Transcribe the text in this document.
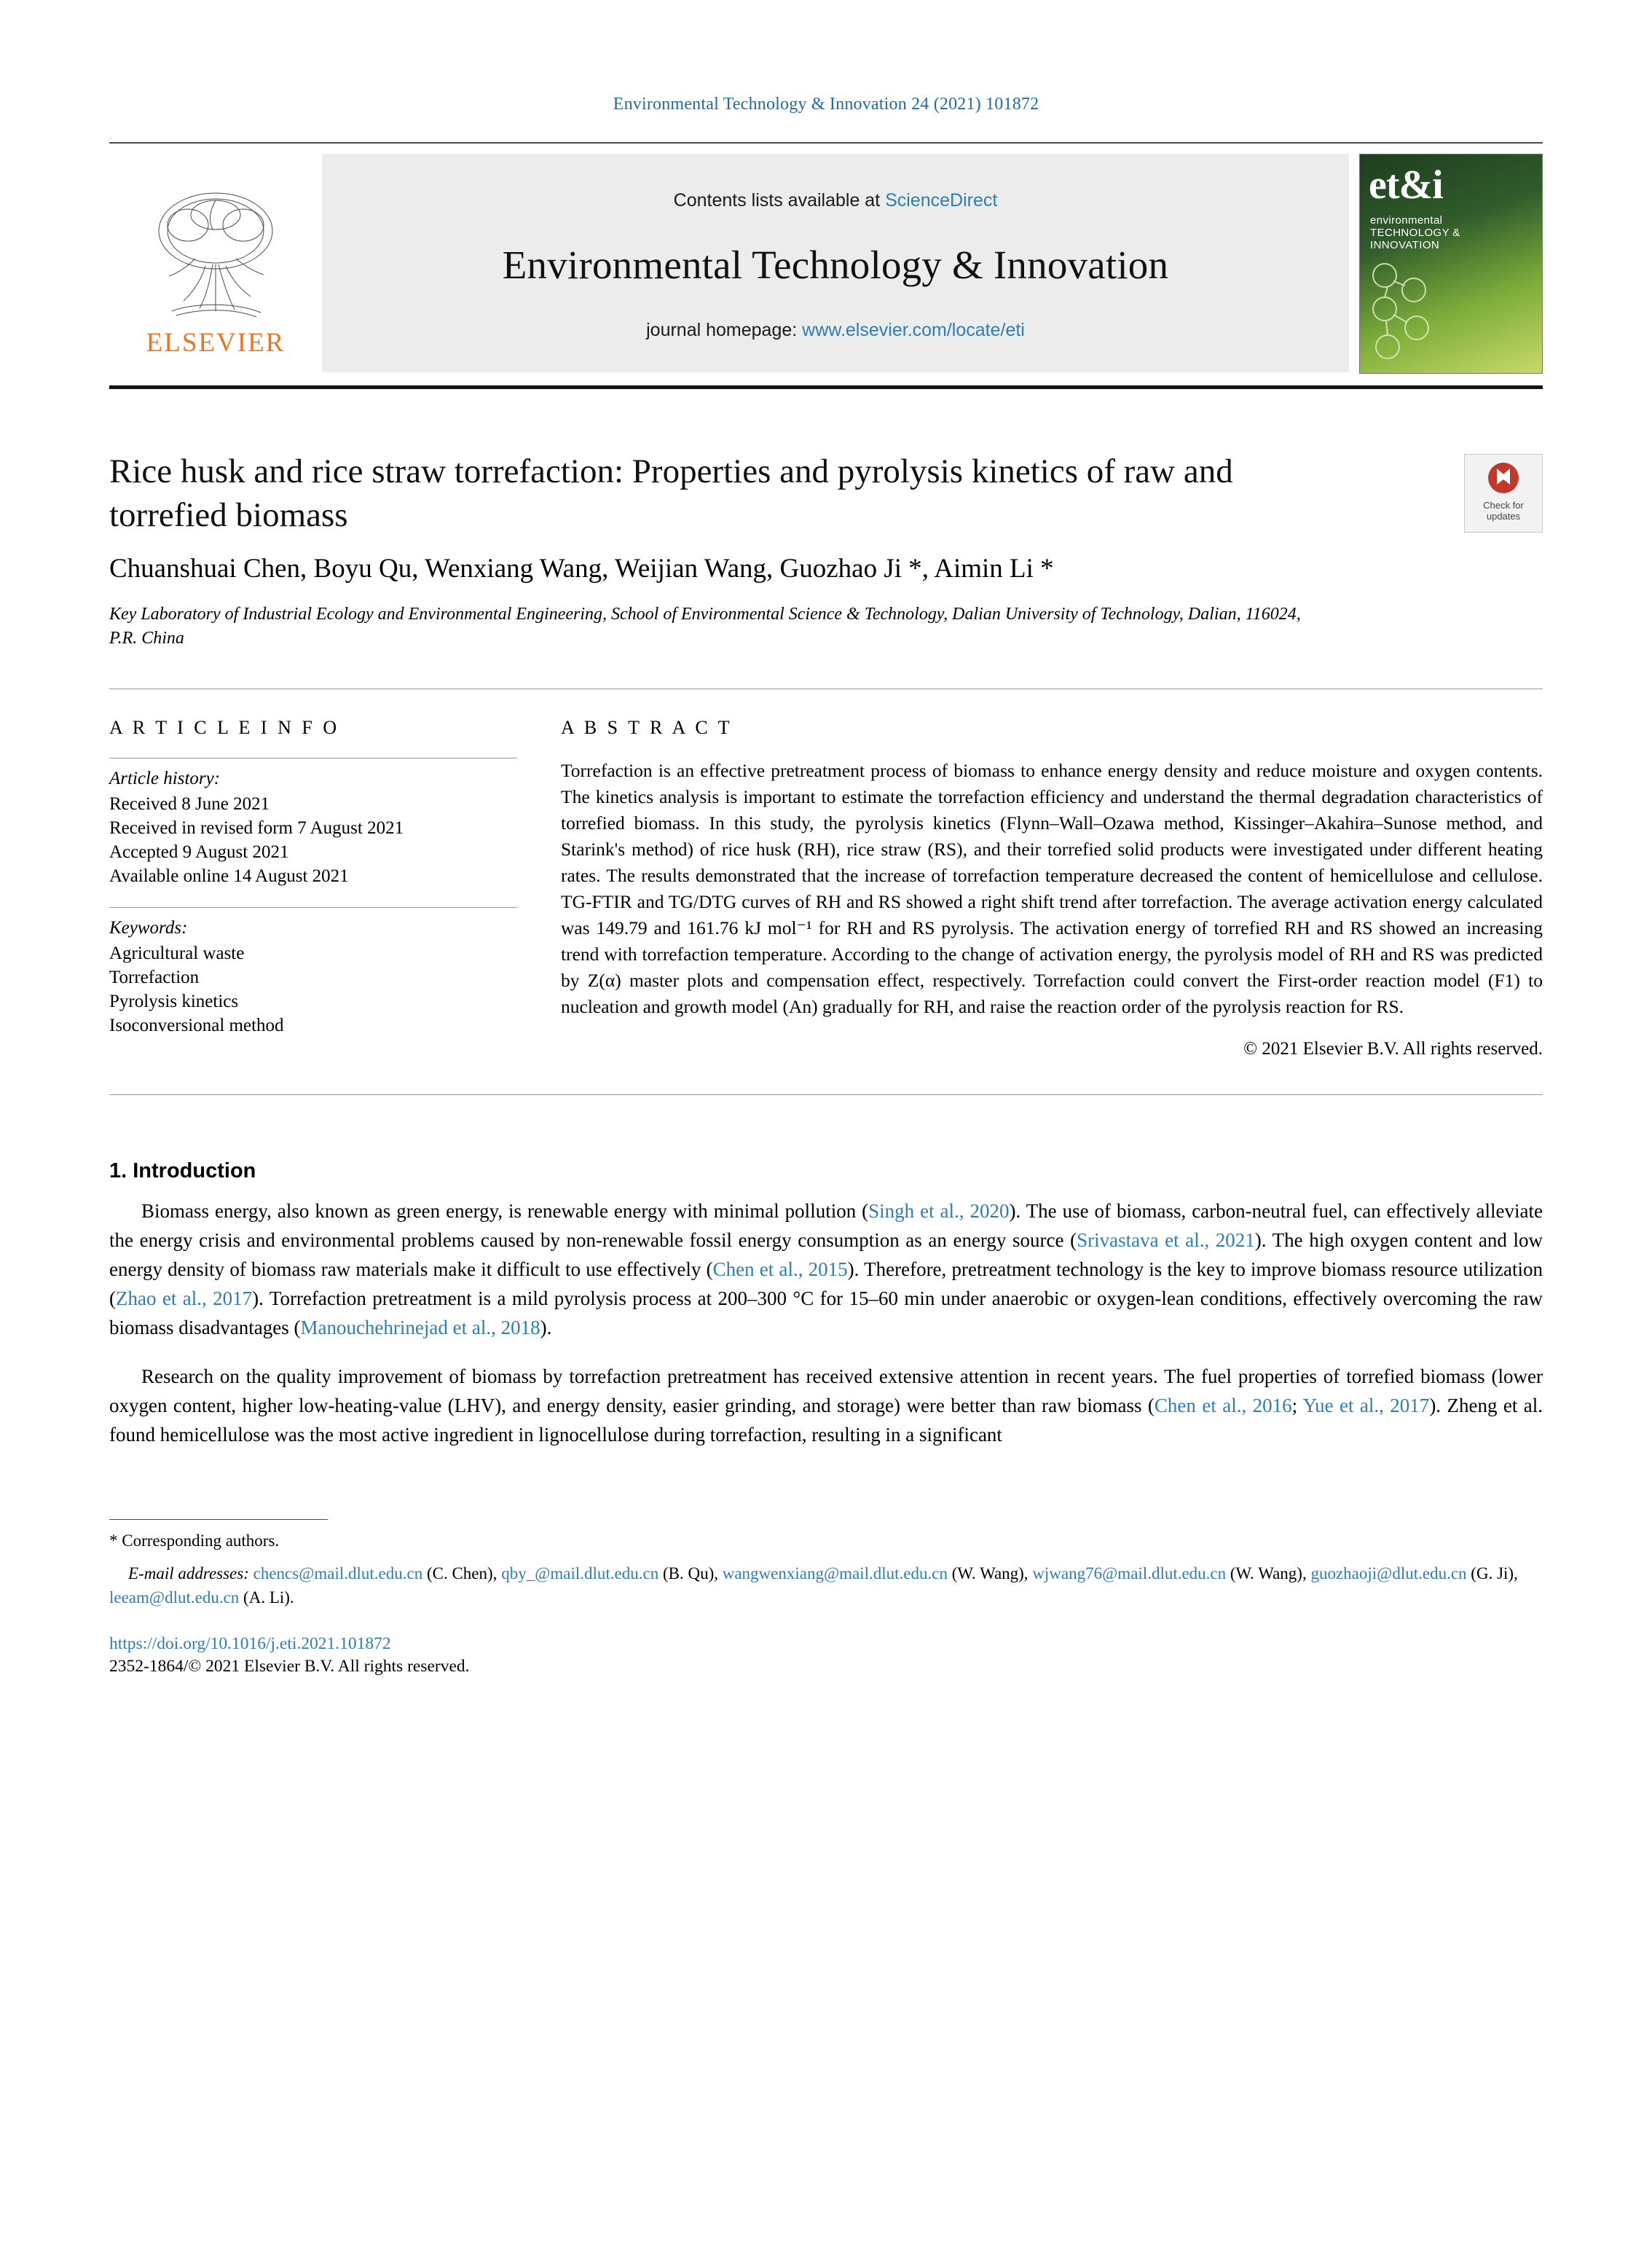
Environmental Technology & Innovation 24 (2021) 101872
ELSEVIER
Contents lists available at ScienceDirect
Environmental Technology & Innovation
journal homepage: www.elsevier.com/locate/eti
et&i
environmental
TECHNOLOGY &
INNOVATION
Rice husk and rice straw torrefaction: Properties and pyrolysis kinetics of raw and torrefied biomass
Chuanshuai Chen, Boyu Qu, Wenxiang Wang, Weijian Wang, Guozhao Ji *, Aimin Li *
Key Laboratory of Industrial Ecology and Environmental Engineering, School of Environmental Science & Technology, Dalian University of Technology, Dalian, 116024, P.R. China
Check for
updates
A R T I C L E I N F O
Article history:
Received 8 June 2021
Received in revised form 7 August 2021
Accepted 9 August 2021
Available online 14 August 2021
Keywords:
Agricultural waste
Torrefaction
Pyrolysis kinetics
Isoconversional method
A B S T R A C T
Torrefaction is an effective pretreatment process of biomass to enhance energy density and reduce moisture and oxygen contents. The kinetics analysis is important to estimate the torrefaction efficiency and understand the thermal degradation characteristics of torrefied biomass. In this study, the pyrolysis kinetics (Flynn–Wall–Ozawa method, Kissinger–Akahira–Sunose method, and Starink's method) of rice husk (RH), rice straw (RS), and their torrefied solid products were investigated under different heating rates. The results demonstrated that the increase of torrefaction temperature decreased the content of hemicellulose and cellulose. TG-FTIR and TG/DTG curves of RH and RS showed a right shift trend after torrefaction. The average activation energy calculated was 149.79 and 161.76 kJ mol⁻¹ for RH and RS pyrolysis. The activation energy of torrefied RH and RS showed an increasing trend with torrefaction temperature. According to the change of activation energy, the pyrolysis model of RH and RS was predicted by Z(α) master plots and compensation effect, respectively. Torrefaction could convert the First-order reaction model (F1) to nucleation and growth model (An) gradually for RH, and raise the reaction order of the pyrolysis reaction for RS.
© 2021 Elsevier B.V. All rights reserved.
1. Introduction

Biomass energy, also known as green energy, is renewable energy with minimal pollution (Singh et al., 2020). The use of biomass, carbon-neutral fuel, can effectively alleviate the energy crisis and environmental problems caused by non-renewable fossil energy consumption as an energy source (Srivastava et al., 2021). The high oxygen content and low energy density of biomass raw materials make it difficult to use effectively (Chen et al., 2015). Therefore, pretreatment technology is the key to improve biomass resource utilization (Zhao et al., 2017). Torrefaction pretreatment is a mild pyrolysis process at 200–300 °C for 15–60 min under anaerobic or oxygen-lean conditions, effectively overcoming the raw biomass disadvantages (Manouchehrinejad et al., 2018).

Research on the quality improvement of biomass by torrefaction pretreatment has received extensive attention in recent years. The fuel properties of torrefied biomass (lower oxygen content, higher low-heating-value (LHV), and energy density, easier grinding, and storage) were better than raw biomass (Chen et al., 2016; Yue et al., 2017). Zheng et al. found hemicellulose was the most active ingredient in lignocellulose during torrefaction, resulting in a significant

* Corresponding authors.
E-mail addresses: chencs@mail.dlut.edu.cn (C. Chen), qby_@mail.dlut.edu.cn (B. Qu), wangwenxiang@mail.dlut.edu.cn (W. Wang), wjwang76@mail.dlut.edu.cn (W. Wang), guozhaoji@dlut.edu.cn (G. Ji), leeam@dlut.edu.cn (A. Li).
https://doi.org/10.1016/j.eti.2021.101872
2352-1864/© 2021 Elsevier B.V. All rights reserved.
